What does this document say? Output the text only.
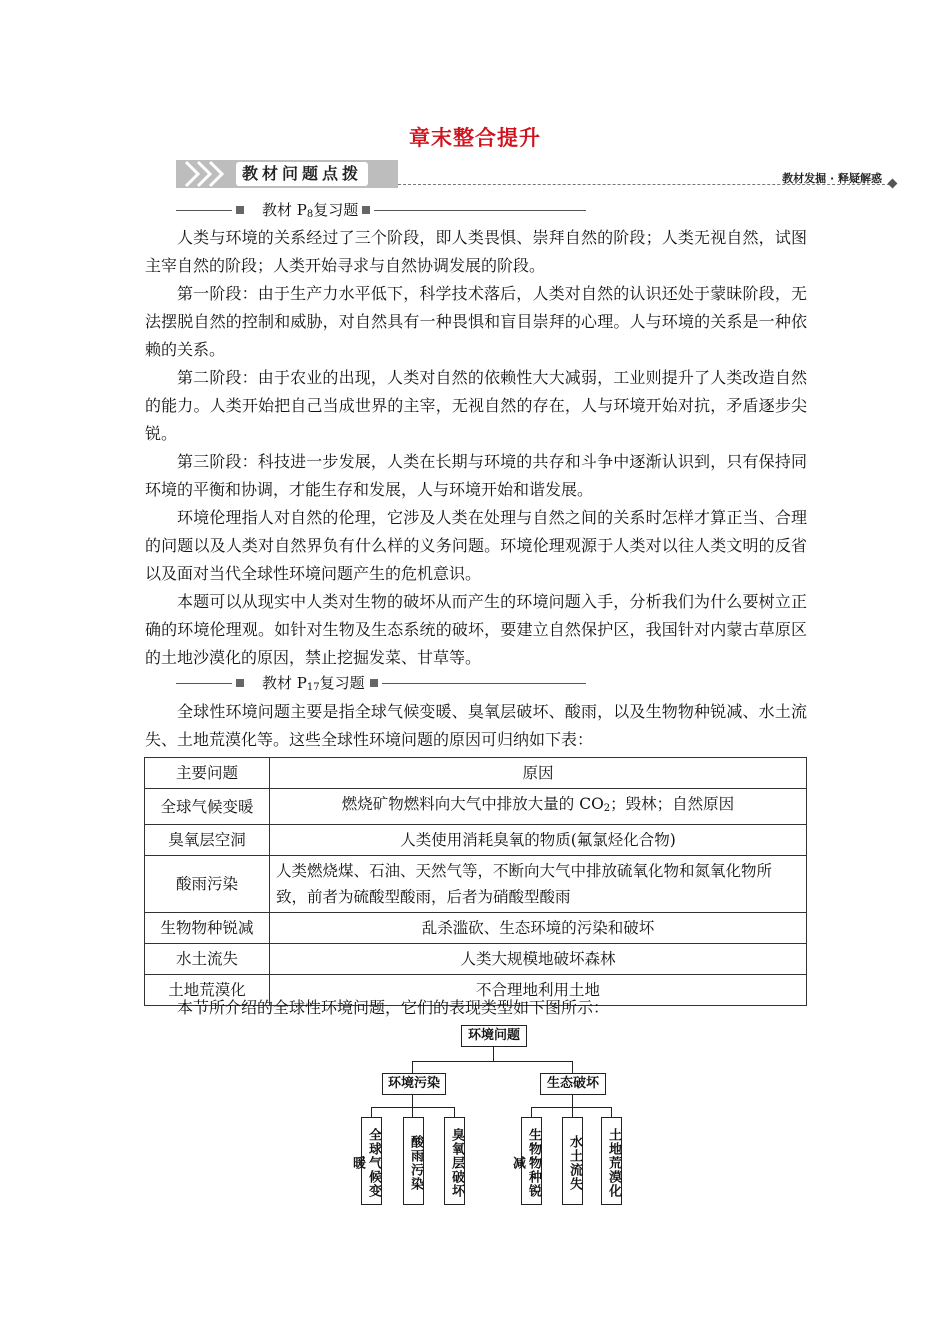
章末整合提升
教材问题点拨	教材发掘 · 释疑解惑
教材 $P_8$复习题

人类与环境的关系经过了三个阶段，即人类畏惧、崇拜自然的阶段；人类无视自然，试图主宰自然的阶段；人类开始寻求与自然协调发展的阶段。

第一阶段：由于生产力水平低下，科学技术落后，人类对自然的认识还处于蒙昧阶段，无法摆脱自然的控制和威胁，对自然具有一种畏惧和盲目崇拜的心理。人与环境的关系是一种依赖的关系。

第二阶段：由于农业的出现，人类对自然的依赖性大大减弱，工业则提升了人类改造自然的能力。人类开始把自己当成世界的主宰，无视自然的存在，人与环境开始对抗，矛盾逐步尖锐。

第三阶段：科技进一步发展，人类在长期与环境的共存和斗争中逐渐认识到，只有保持同环境的平衡和协调，才能生存和发展，人与环境开始和谐发展。

环境伦理指人对自然的伦理，它涉及人类在处理与自然之间的关系时怎样才算正当、合理的问题以及人类对自然界负有什么样的义务问题。环境伦理观源于人类对以往人类文明的反省以及面对当代全球性环境问题产生的危机意识。

本题可以从现实中人类对生物的破坏从而产生的环境问题入手，分析我们为什么要树立正确的环境伦理观。如针对生物及生态系统的破坏，要建立自然保护区，我国针对内蒙古草原区的土地沙漠化的原因，禁止挖掘发菜、甘草等。

教材 $P_{17}$复习题

全球性环境问题主要是指全球气候变暖、臭氧层破坏、酸雨，以及生物物种锐减、水土流失、土地荒漠化等。这些全球性环境问题的原因可归纳如下表：

主要问题	原因
全球气候变暖	燃烧矿物燃料向大气中排放大量的 $CO_2$；毁林；自然原因
臭氧层空洞	人类使用消耗臭氧的物质(氟氯烃化合物)
酸雨污染	人类燃烧煤、石油、天然气等，不断向大气中排放硫氧化物和氮氧化物所致，前者为硫酸型酸雨，后者为硝酸型酸雨
生物物种锐减	乱杀滥砍、生态环境的污染和破坏
水土流失	人类大规模地破坏森林
土地荒漠化	不合理地利用土地

本节所介绍的全球性环境问题，它们的表现类型如下图所示：

环境问题
环境污染	生态破坏
全球气候变暖	酸雨污染	臭氧层破坏	生物物种锐减	水土流失	土地荒漠化
